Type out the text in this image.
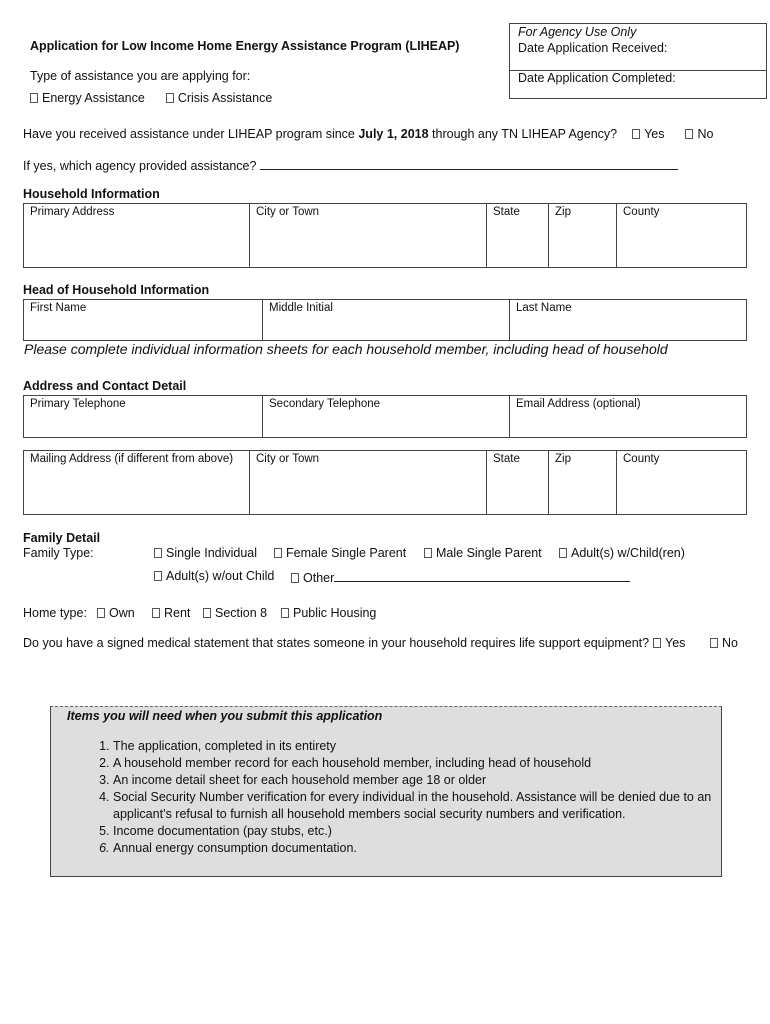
Application for Low Income Home Energy Assistance Program (LIHEAP)
For Agency Use Only
Date Application Received:
Date Application Completed:
Type of assistance you are applying for:
Energy Assistance	Crisis Assistance
Have you received assistance under LIHEAP program since July 1, 2018 through any TN LIHEAP Agency? Yes	No
If yes, which agency provided assistance?
Household Information
Primary Address	City or Town	State	Zip	County
Head of Household Information
First Name	Middle Initial	Last Name
Please complete individual information sheets for each household member, including head of household
Address and Contact Detail
Primary Telephone	Secondary Telephone	Email Address (optional)
Mailing Address (if different from above)	City or Town	State	Zip	County
Family Detail
Family Type:	Single Individual	Female Single Parent	Male Single Parent	Adult(s) w/Child(ren)
Adult(s) w/out Child	Other
Home type:	Own	Rent	Section 8	Public Housing
Do you have a signed medical statement that states someone in your household requires life support equipment?	Yes	No
Items you will need when you submit this application
1. The application, completed in its entirety
2. A household member record for each household member, including head of household
3. An income detail sheet for each household member age 18 or older
4. Social Security Number verification for every individual in the household. Assistance will be denied due to an applicant’s refusal to furnish all household members social security numbers and verification.
5. Income documentation (pay stubs, etc.)
6. Annual energy consumption documentation.
